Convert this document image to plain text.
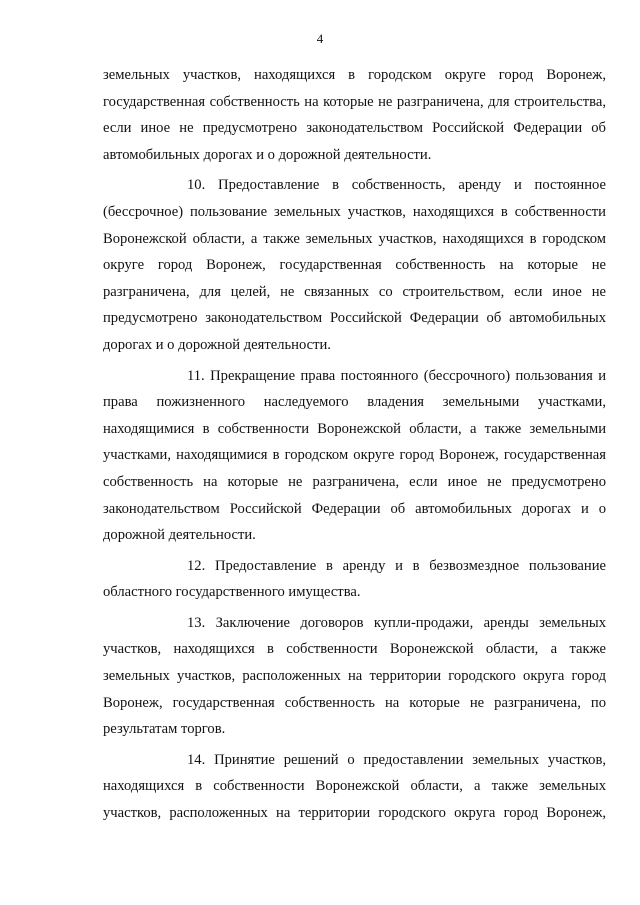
4

земельных участков, находящихся в городском округе город Воронеж, государственная собственность на которые не разграничена, для строительства, если иное не предусмотрено законодательством Российской Федерации об автомобильных дорогах и о дорожной деятельности.

10. Предоставление в собственность, аренду и постоянное (бессрочное) пользование земельных участков, находящихся в собственности Воронежской области, а также земельных участков, находящихся в городском округе город Воронеж, государственная собственность на которые не разграничена, для целей, не связанных со строительством, если иное не предусмотрено законодательством Российской Федерации об автомобильных дорогах и о дорожной деятельности.

11. Прекращение права постоянного (бессрочного) пользования и права пожизненного наследуемого владения земельными участками, находящимися в собственности Воронежской области, а также земельными участками, находящимися в городском округе город Воронеж, государственная собственность на которые не разграничена, если иное не предусмотрено законодательством Российской Федерации об автомобильных дорогах и о дорожной деятельности.

12. Предоставление в аренду и в безвозмездное пользование областного государственного имущества.

13. Заключение договоров купли-продажи, аренды земельных участков, находящихся в собственности Воронежской области, а также земельных участков, расположенных на территории городского округа город Воронеж, государственная собственность на которые не разграничена, по результатам торгов.

14. Принятие решений о предоставлении земельных участков, находящихся в собственности Воронежской области, а также земельных участков, расположенных на территории городского округа город Воронеж,
